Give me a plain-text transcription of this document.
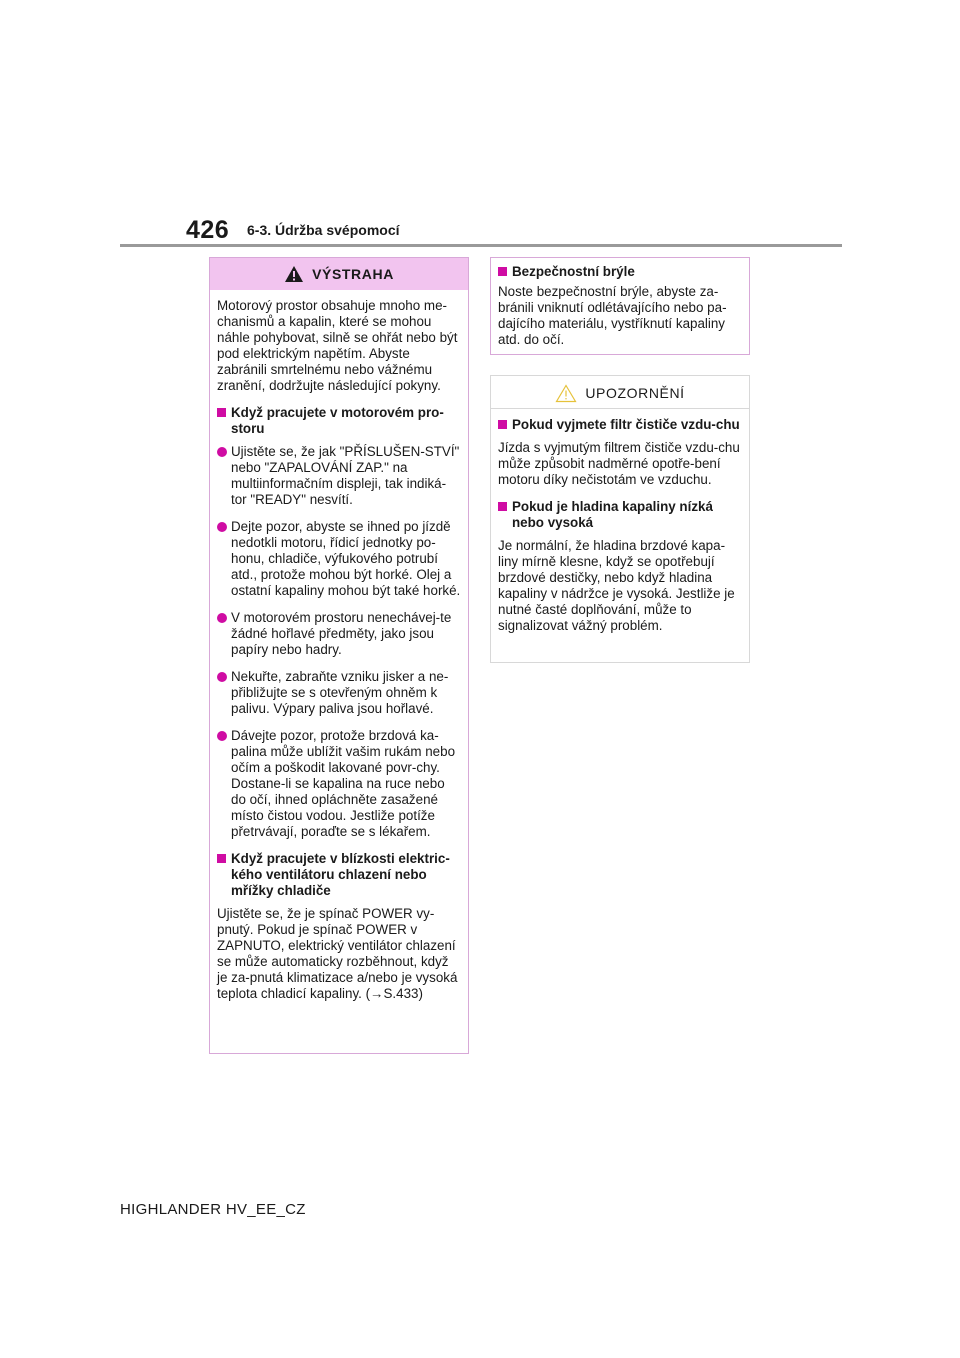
426 6-3. Údržba svépomocí
VÝSTRAHA

Motorový prostor obsahuje mnoho me-chanismů a kapalin, které se mohou náhle pohybovat, silně se ohřát nebo být pod elektrickým napětím. Abyste zabránili smrtelnému nebo vážnému zranění, dodržujte následující pokyny.

Když pracujete v motorovém pro-storu

Ujistěte se, že jak "PŘÍSLUŠEN-STVÍ" nebo "ZAPALOVÁNÍ ZAP." na multiinformačním displeji, tak indiká-tor "READY" nesvítí.

Dejte pozor, abyste se ihned po jízdě nedotkli motoru, řídicí jednotky po-honu, chladiče, výfukového potrubí atd., protože mohou být horké. Olej a ostatní kapaliny mohou být také horké.

V motorovém prostoru nenechávej-te žádné hořlavé předměty, jako jsou papíry nebo hadry.

Nekuřte, zabraňte vzniku jisker a ne-přibližujte se s otevřeným ohněm k palivu. Výpary paliva jsou hořlavé.

Dávejte pozor, protože brzdová ka-palina může ublížit vašim rukám nebo očím a poškodit lakované povr-chy. Dostane-li se kapalina na ruce nebo do očí, ihned opláchněte zasažené místo čistou vodou. Jestliže potíže přetrvávají, poraďte se s lékařem.

Když pracujete v blízkosti elektric-kého ventilátoru chlazení nebo mřížky chladiče

Ujistěte se, že je spínač POWER vy-pnutý. Pokud je spínač POWER v ZAPNUTO, elektrický ventilátor chlazení se může automaticky rozběhnout, když je za-pnutá klimatizace a/nebo je vysoká teplota chladicí kapaliny. (→S.433)

Bezpečnostní brýle

Noste bezpečnostní brýle, abyste za-bránili vniknutí odlétávajícího nebo pa-dajícího materiálu, vystříknutí kapaliny atd. do očí.

UPOZORNĚNÍ

Pokud vyjmete filtr čističe vzdu-chu

Jízda s vyjmutým filtrem čističe vzdu-chu může způsobit nadměrné opotře-bení motoru díky nečistotám ve vzduchu.

Pokud je hladina kapaliny nízká nebo vysoká

Je normální, že hladina brzdové kapa-liny mírně klesne, když se opotřebují brzdové destičky, nebo když hladina kapaliny v nádržce je vysoká. Jestliže je nutné časté doplňování, může to signalizovat vážný problém.

HIGHLANDER HV_EE_CZ
